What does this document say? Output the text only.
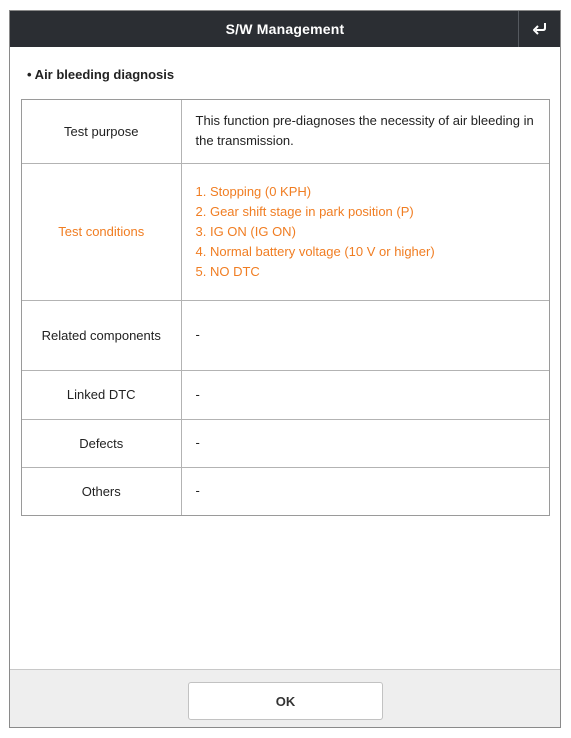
S/W Management
• Air bleeding diagnosis
Test purpose	This function pre-diagnoses the necessity of air bleeding in the transmission.
Test conditions	1. Stopping (0 KPH)
2. Gear shift stage in park position (P)
3. IG ON (IG ON)
4. Normal battery voltage (10 V or higher)
5. NO DTC

Related components	-
Linked DTC	-
Defects	-
Others	-
OK
